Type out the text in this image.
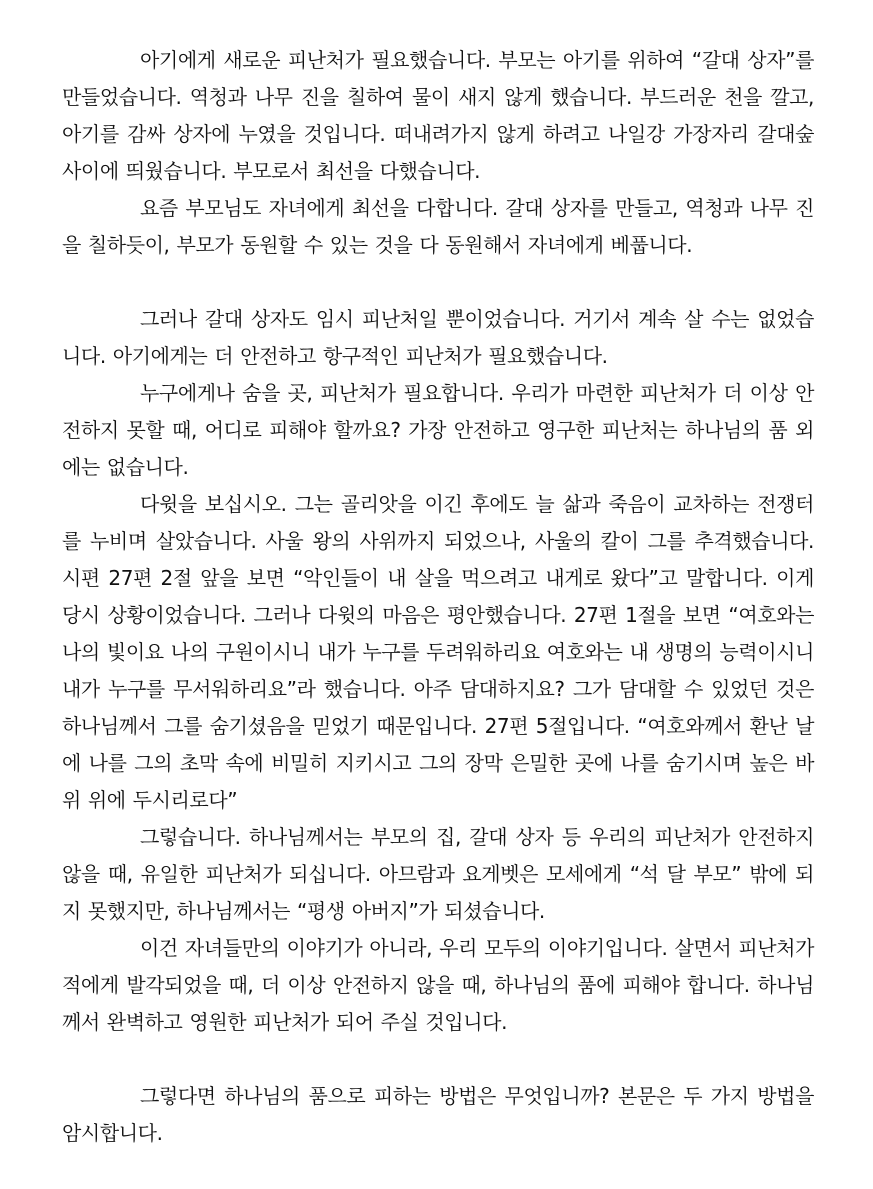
아기에게 새로운 피난처가 필요했습니다. 부모는 아기를 위하여 “갈대 상자”를 만들었습니다. 역청과 나무 진을 칠하여 물이 새지 않게 했습니다. 부드러운 천을 깔고, 아기를 감싸 상자에 누였을 것입니다. 떠내려가지 않게 하려고 나일강 가장자리 갈대숲 사이에 띄웠습니다. 부모로서 최선을 다했습니다.

요즘 부모님도 자녀에게 최선을 다합니다. 갈대 상자를 만들고, 역청과 나무 진을 칠하듯이, 부모가 동원할 수 있는 것을 다 동원해서 자녀에게 베풉니다.

그러나 갈대 상자도 임시 피난처일 뿐이었습니다. 거기서 계속 살 수는 없었습니다. 아기에게는 더 안전하고 항구적인 피난처가 필요했습니다.

누구에게나 숨을 곳, 피난처가 필요합니다. 우리가 마련한 피난처가 더 이상 안전하지 못할 때, 어디로 피해야 할까요? 가장 안전하고 영구한 피난처는 하나님의 품 외에는 없습니다.

다윗을 보십시오. 그는 골리앗을 이긴 후에도 늘 삶과 죽음이 교차하는 전쟁터를 누비며 살았습니다. 사울 왕의 사위까지 되었으나, 사울의 칼이 그를 추격했습니다. 시편 27편 2절 앞을 보면 “악인들이 내 살을 먹으려고 내게로 왔다”고 말합니다. 이게 당시 상황이었습니다. 그러나 다윗의 마음은 평안했습니다. 27편 1절을 보면 “여호와는 나의 빛이요 나의 구원이시니 내가 누구를 두려워하리요 여호와는 내 생명의 능력이시니 내가 누구를 무서워하리요”라 했습니다. 아주 담대하지요? 그가 담대할 수 있었던 것은 하나님께서 그를 숨기셨음을 믿었기 때문입니다. 27편 5절입니다. “여호와께서 환난 날에 나를 그의 초막 속에 비밀히 지키시고 그의 장막 은밀한 곳에 나를 숨기시며 높은 바위 위에 두시리로다”

그렇습니다. 하나님께서는 부모의 집, 갈대 상자 등 우리의 피난처가 안전하지 않을 때, 유일한 피난처가 되십니다. 아므람과 요게벳은 모세에게 “석 달 부모” 밖에 되지 못했지만, 하나님께서는 “평생 아버지”가 되셨습니다.

이건 자녀들만의 이야기가 아니라, 우리 모두의 이야기입니다. 살면서 피난처가 적에게 발각되었을 때, 더 이상 안전하지 않을 때, 하나님의 품에 피해야 합니다. 하나님께서 완벽하고 영원한 피난처가 되어 주실 것입니다.

그렇다면 하나님의 품으로 피하는 방법은 무엇입니까? 본문은 두 가지 방법을 암시합니다.
